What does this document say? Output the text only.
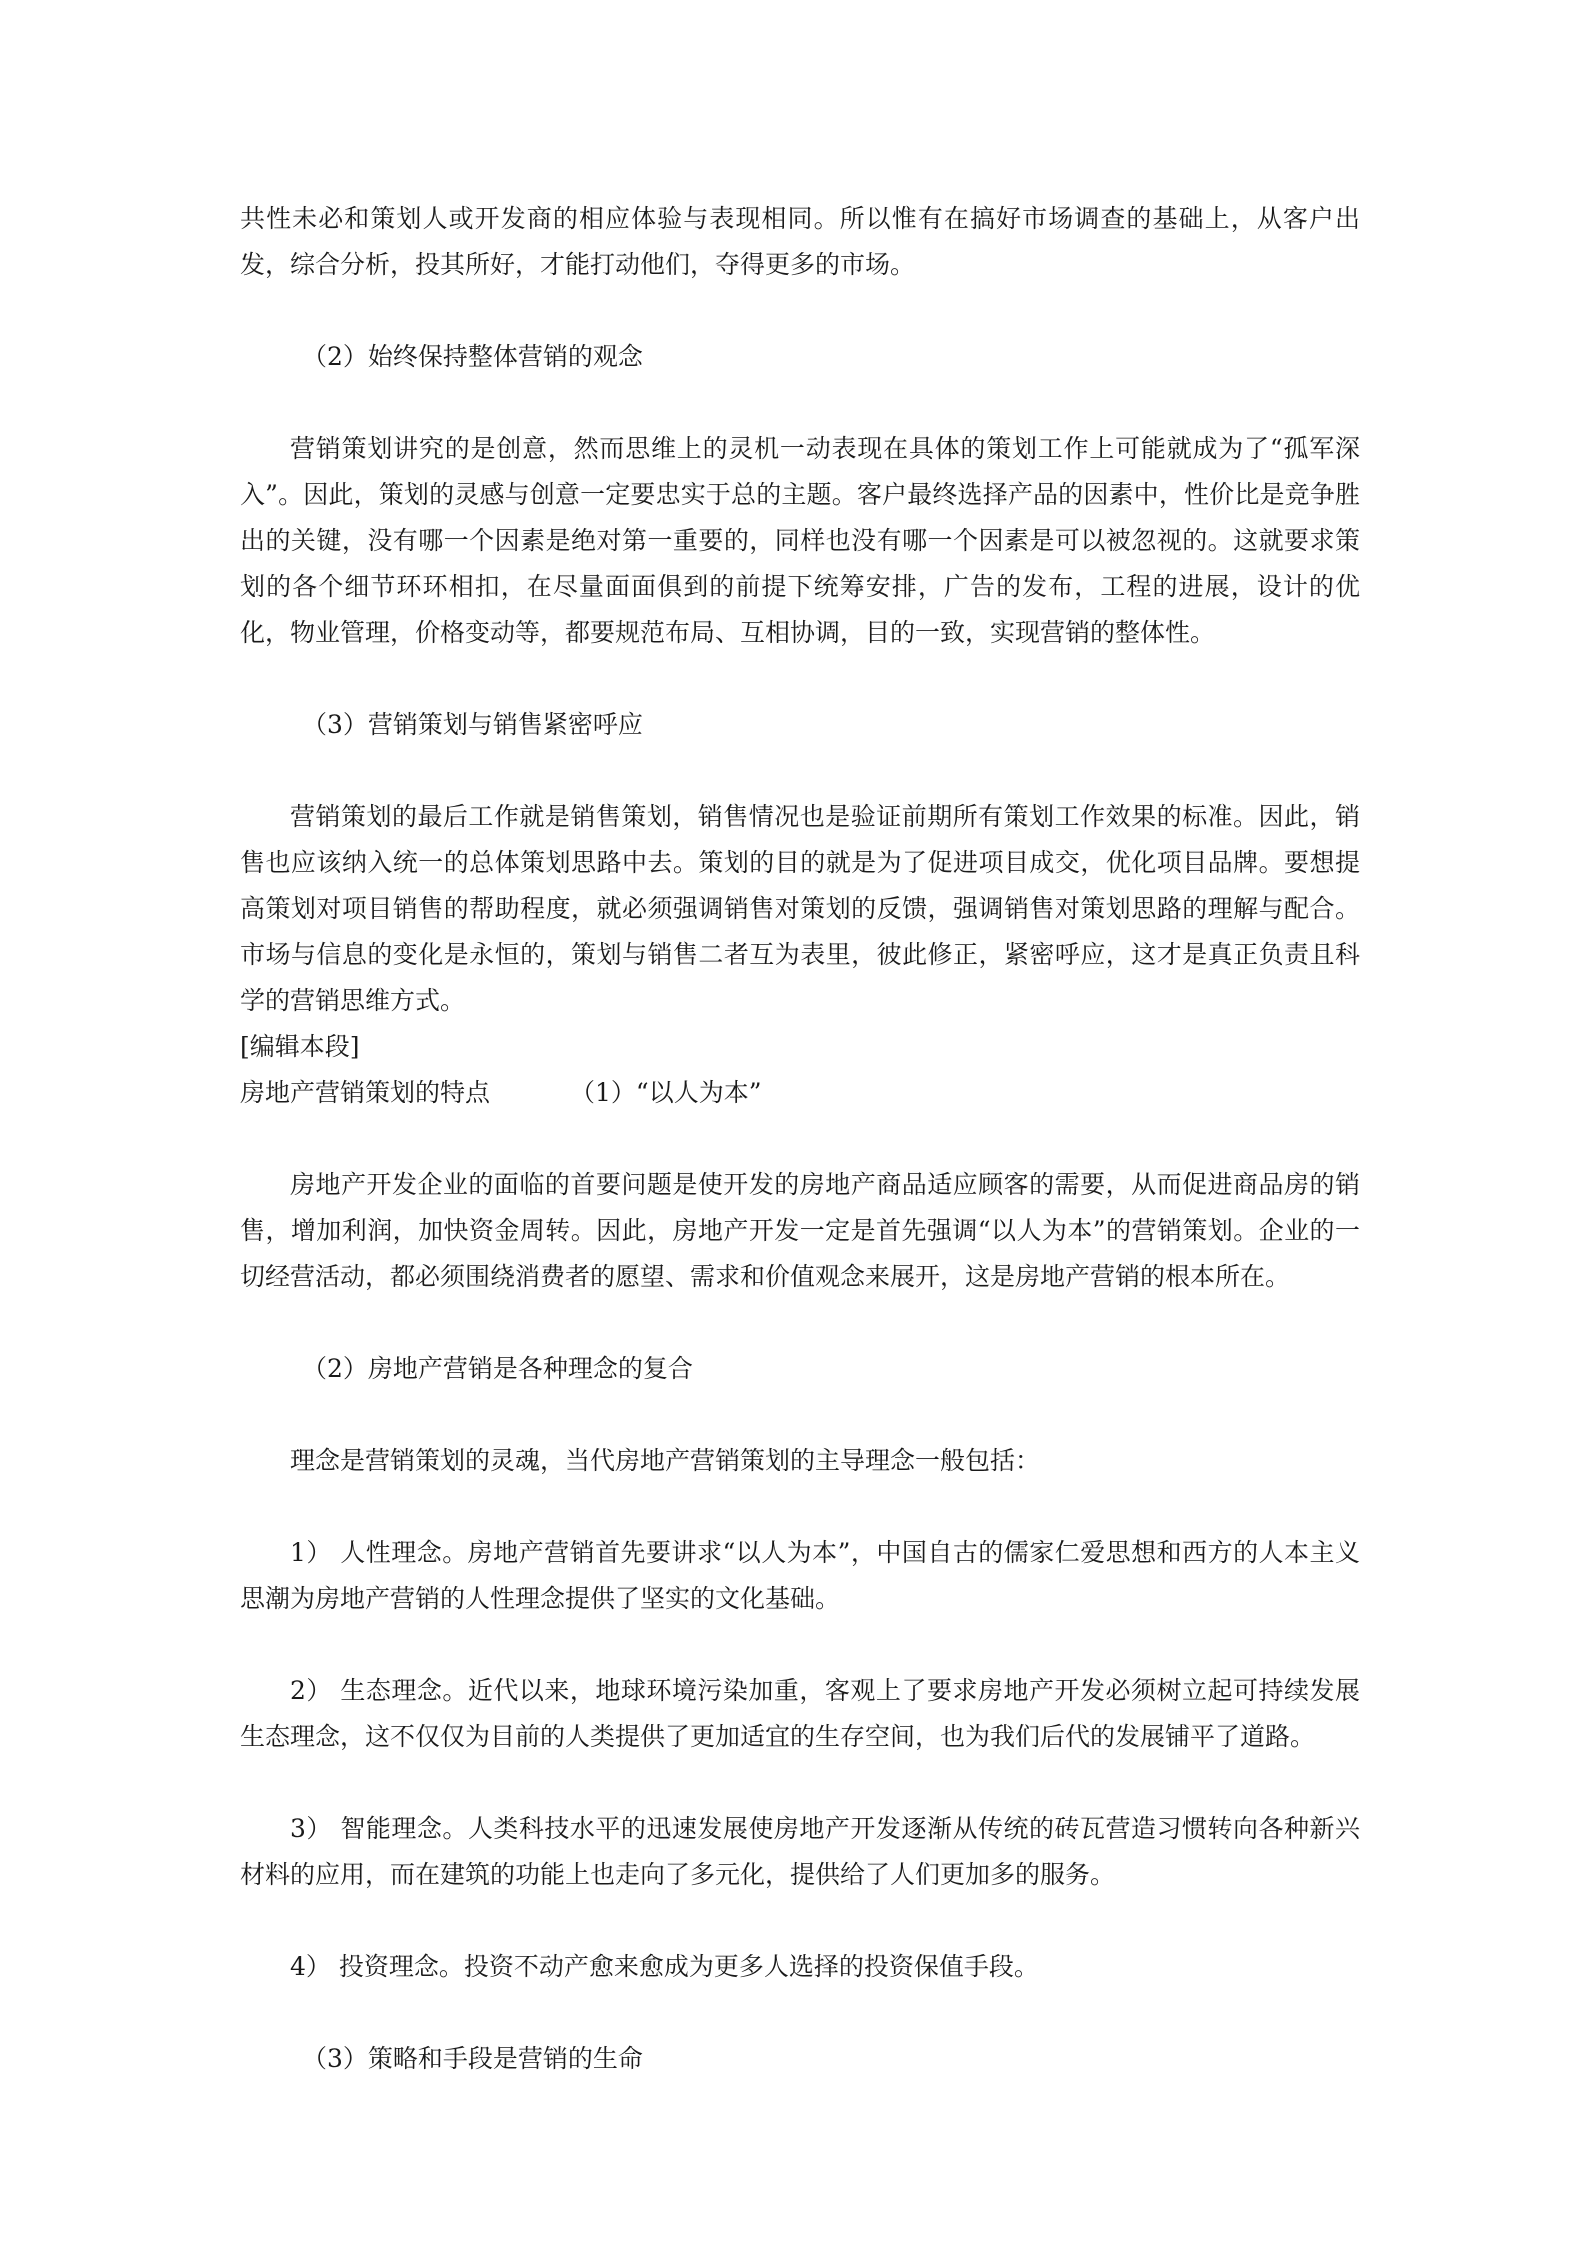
共性未必和策划人或开发商的相应体验与表现相同。所以惟有在搞好市场调查的基础上，从客户出发，综合分析，投其所好，才能打动他们，夺得更多的市场。

（2）始终保持整体营销的观念

营销策划讲究的是创意，然而思维上的灵机一动表现在具体的策划工作上可能就成为了“孤军深入”。因此，策划的灵感与创意一定要忠实于总的主题。客户最终选择产品的因素中，性价比是竞争胜出的关键，没有哪一个因素是绝对第一重要的，同样也没有哪一个因素是可以被忽视的。这就要求策划的各个细节环环相扣，在尽量面面俱到的前提下统筹安排，广告的发布，工程的进展，设计的优化，物业管理，价格变动等，都要规范布局、互相协调，目的一致，实现营销的整体性。

（3）营销策划与销售紧密呼应

营销策划的最后工作就是销售策划，销售情况也是验证前期所有策划工作效果的标准。因此，销售也应该纳入统一的总体策划思路中去。策划的目的就是为了促进项目成交，优化项目品牌。要想提高策划对项目销售的帮助程度，就必须强调销售对策划的反馈，强调销售对策划思路的理解与配合。市场与信息的变化是永恒的，策划与销售二者互为表里，彼此修正，紧密呼应，这才是真正负责且科学的营销思维方式。

[编辑本段]

房地产营销策划的特点	（1）“以人为本”

房地产开发企业的面临的首要问题是使开发的房地产商品适应顾客的需要，从而促进商品房的销售，增加利润，加快资金周转。因此，房地产开发一定是首先强调“以人为本”的营销策划。企业的一切经营活动，都必须围绕消费者的愿望、需求和价值观念来展开，这是房地产营销的根本所在。

（2）房地产营销是各种理念的复合

理念是营销策划的灵魂，当代房地产营销策划的主导理念一般包括：

1） 人性理念。房地产营销首先要讲求“以人为本”，中国自古的儒家仁爱思想和西方的人本主义思潮为房地产营销的人性理念提供了坚实的文化基础。

2） 生态理念。近代以来，地球环境污染加重，客观上了要求房地产开发必须树立起可持续发展生态理念，这不仅仅为目前的人类提供了更加适宜的生存空间，也为我们后代的发展铺平了道路。

3） 智能理念。人类科技水平的迅速发展使房地产开发逐渐从传统的砖瓦营造习惯转向各种新兴材料的应用，而在建筑的功能上也走向了多元化，提供给了人们更加多的服务。

4） 投资理念。投资不动产愈来愈成为更多人选择的投资保值手段。

（3）策略和手段是营销的生命
